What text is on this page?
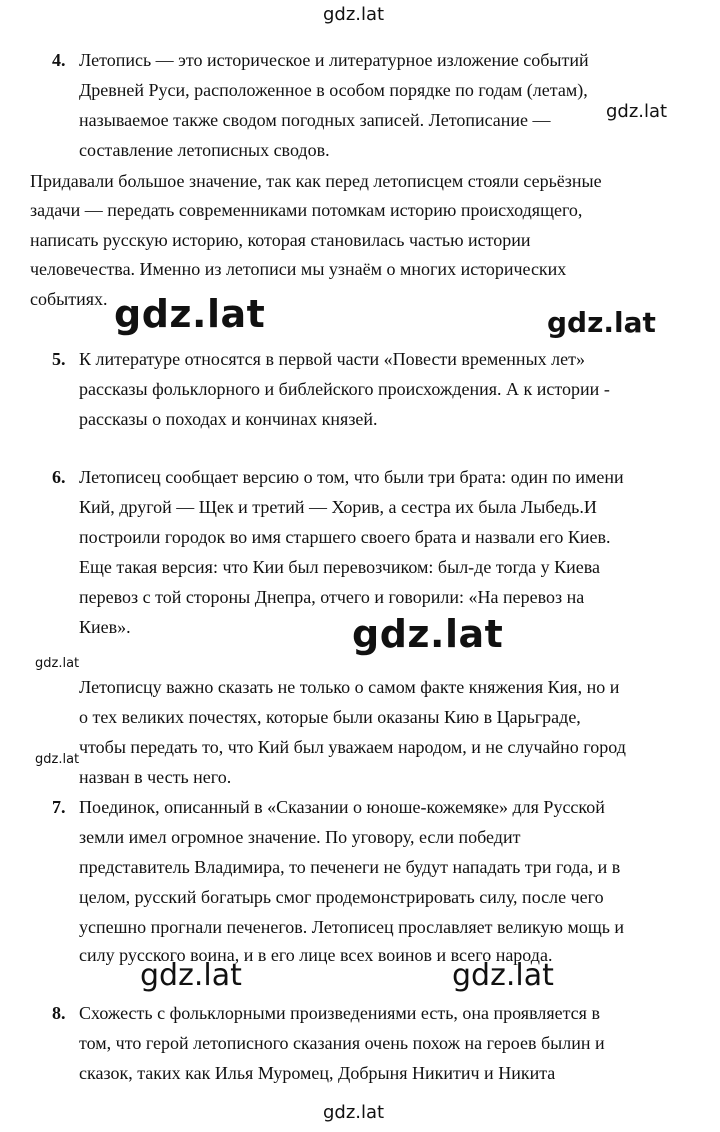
gdz.lat
4. Летопись — это историческое и литературное изложение событий
Древней Руси, расположенное в особом порядке по годам (летам),
называемое также сводом погодных записей. Летописание —	gdz.lat
составление летописных сводов.
Придавали большое значение, так как перед летописцем стояли серьёзные
задачи — передать современниками потомкам историю происходящего,
написать русскую историю, которая становилась частью истории
человечества. Именно из летописи мы узнаём о многих исторических
событиях. gdz.lat	gdz.lat
5. К литературе относятся в первой части «Повести временных лет»
рассказы фольклорного и библейского происхождения. А к истории -
рассказы о походах и кончинах князей.
6. Летописец сообщает версию о том, что были три брата: один по имени
Кий, другой — Щек и третий — Хорив, а сестра их была Лыбедь.И
построили городок во имя старшего своего брата и назвали его Киев.
Еще такая версия: что Кии был перевозчиком: был-де тогда у Киева
перевоз с той стороны Днепра, отчего и говорили: «На перевоз на
Киев».	gdz.lat
gdz.lat
Летописцу важно сказать не только о самом факте княжения Кия, но и
о тех великих почестях, которые были оказаны Кию в Царьграде,
чтобы передать то, что Кий был уважаем народом, и не случайно город
gdz.lat
назван в честь него.
7. Поединок, описанный в «Сказании о юноше-кожемяке» для Русской
земли имел огромное значение. По уговору, если победит
представитель Владимира, то печенеги не будут нападать три года, и в
целом, русский богатырь смог продемонстрировать силу, после чего
успешно прогнали печенегов. Летописец прославляет великую мощь и
силу русского воина, и в его лице всех воинов и всего народа.
gdz.lat	gdz.lat
8. Схожесть с фольклорными произведениями есть, она проявляется в
том, что герой летописного сказания очень похож на героев былин и
сказок, таких как Илья Муромец, Добрыня Никитич и Никита
gdz.lat
